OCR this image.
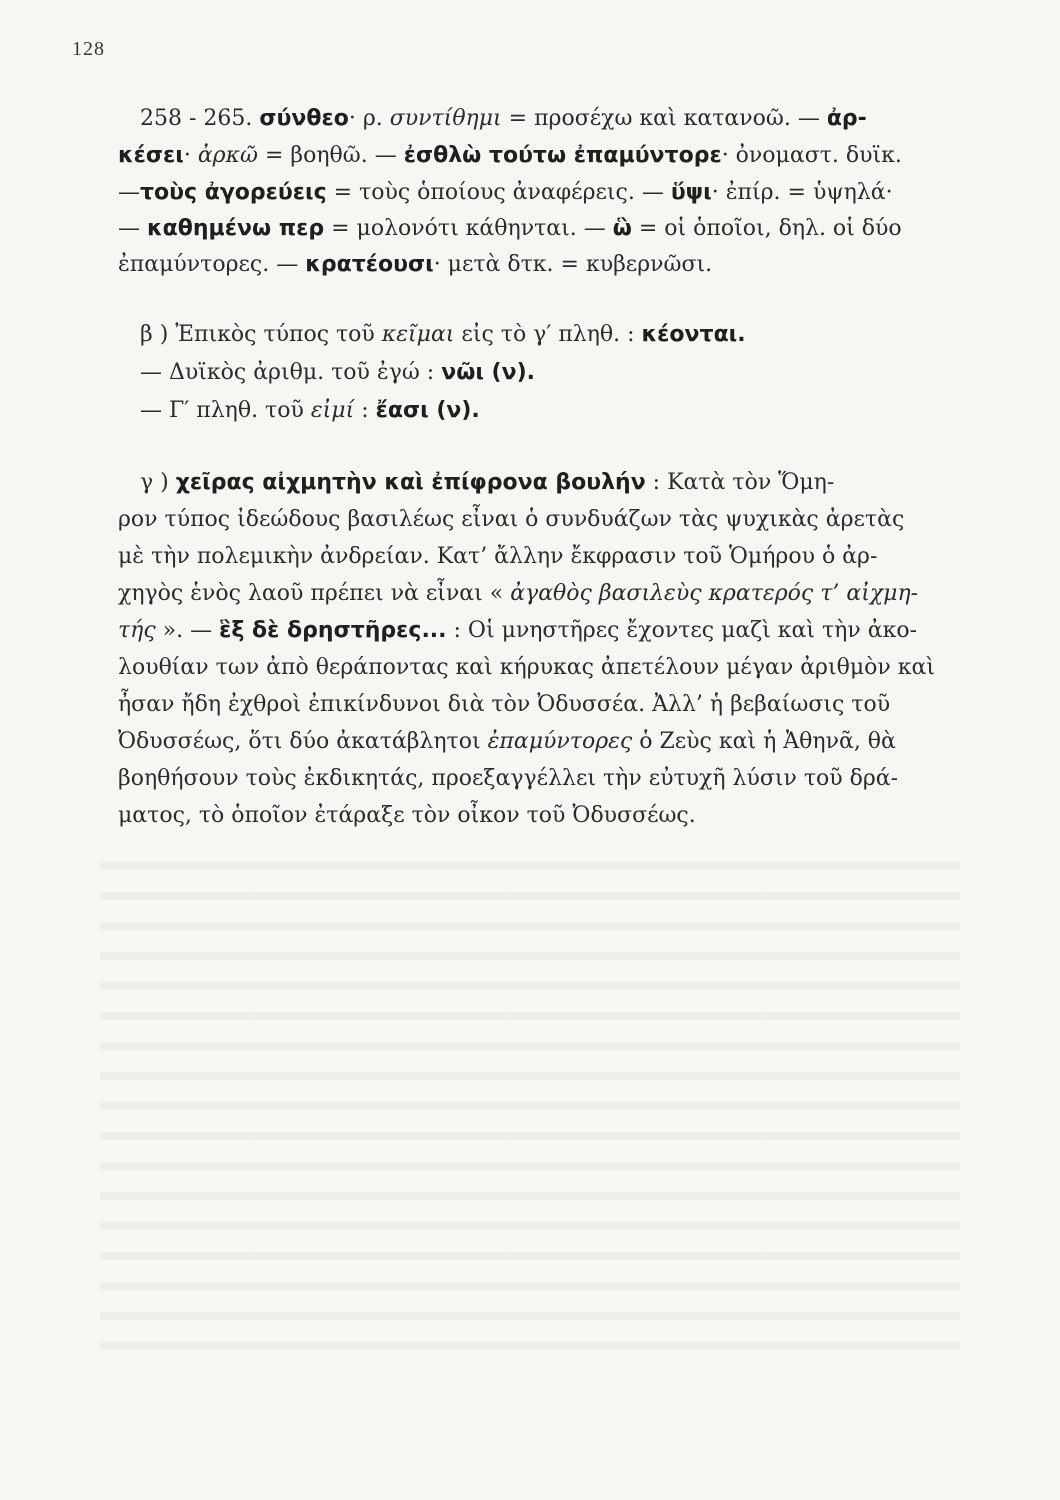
128
258 - 265. σύνθεο· ρ. συντίθημι = προσέχω καὶ κατανοῶ. — ἀρ-
κέσει· ἀρκῶ = βοηθῶ. — ἐσθλὼ τούτω ἐπαμύντορε· ὀνομαστ. δυϊκ.
—τοὺς ἀγορεύεις = τοὺς ὁποίους ἀναφέρεις. — ὕψι· ἐπίρ. = ὑψηλά·
— καθημένω περ = μολονότι κάθηνται. — ὣ = οἱ ὁποῖοι, δηλ. οἱ δύο
ἐπαμύντορες. — κρατέουσι· μετὰ δτκ. = κυβερνῶσι.
β ) Ἐπικὸς τύπος τοῦ κεῖμαι εἰς τὸ γ′ πληθ. : κέονται.
— Δυϊκὸς ἀριθμ. τοῦ ἐγώ : νῶι (ν).
— Γ′ πληθ. τοῦ εἰμί : ἔασι (ν).
γ ) χεῖρας αἰχμητὴν καὶ ἐπίφρονα βουλήν : Κατὰ τὸν Ὅμη-
ρον τύπος ἰδεώδους βασιλέως εἶναι ὁ συνδυάζων τὰς ψυχικὰς ἀρετὰς
μὲ τὴν πολεμικὴν ἀνδρείαν. Κατ’ ἄλλην ἔκφρασιν τοῦ Ὁμήρου ὁ ἀρ-
χηγὸς ἑνὸς λαοῦ πρέπει νὰ εἶναι « ἀγαθὸς βασιλεὺς κρατερός τ’ αἰχμη-
τής ». — ἓξ δὲ δρηστῆρες... : Οἱ μνηστῆρες ἔχοντες μαζὶ καὶ τὴν ἀκο-
λουθίαν των ἀπὸ θεράποντας καὶ κήρυκας ἀπετέλουν μέγαν ἀριθμὸν καὶ
ἦσαν ἤδη ἐχθροὶ ἐπικίνδυνοι διὰ τὸν Ὀδυσσέα. Ἀλλ’ ἡ βεβαίωσις τοῦ
Ὀδυσσέως, ὅτι δύο ἀκατάβλητοι ἐπαμύντορες ὁ Ζεὺς καὶ ἡ Ἀθηνᾶ, θὰ
βοηθήσουν τοὺς ἐκδικητάς, προεξαγγέλλει τὴν εὐτυχῆ λύσιν τοῦ δρά-
ματος, τὸ ὁποῖον ἐτάραξε τὸν οἶκον τοῦ Ὀδυσσέως.
